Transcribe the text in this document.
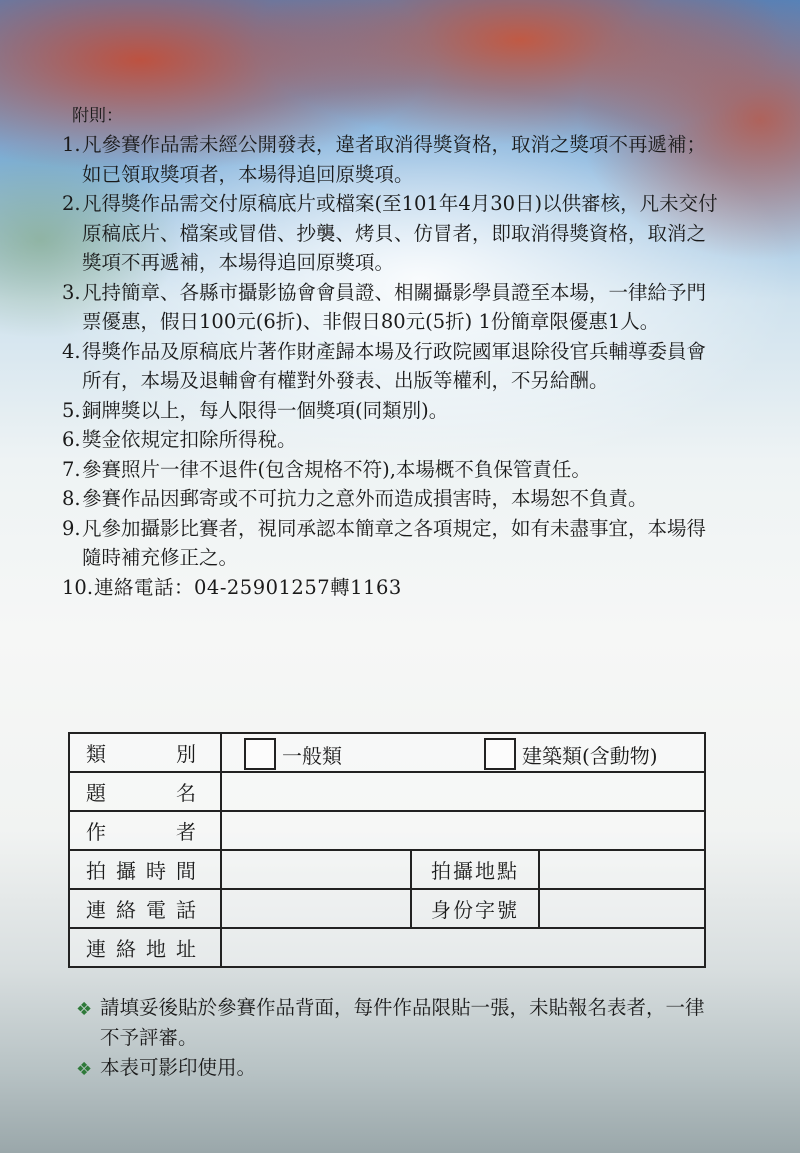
附則：
1. 凡參賽作品需未經公開發表，違者取消得獎資格，取消之獎項不再遞補；如已領取獎項者，本場得追回原獎項。
2. 凡得獎作品需交付原稿底片或檔案(至101年4月30日)以供審核，凡未交付原稿底片、檔案或冒借、抄襲、烤貝、仿冒者，即取消得獎資格，取消之獎項不再遞補，本場得追回原獎項。
3. 凡持簡章、各縣市攝影協會會員證、相關攝影學員證至本場，一律給予門票優惠，假日100元(6折)、非假日80元(5折) 1份簡章限優惠1人。
4. 得獎作品及原稿底片著作財產歸本場及行政院國軍退除役官兵輔導委員會所有，本場及退輔會有權對外發表、出版等權利，不另給酬。
5. 銅牌獎以上，每人限得一個獎項(同類別)。
6. 獎金依規定扣除所得稅。
7. 參賽照片一律不退件(包含規格不符),本場概不負保管責任。
8. 參賽作品因郵寄或不可抗力之意外而造成損害時，本場恕不負責。
9. 凡參加攝影比賽者，視同承認本簡章之各項規定，如有未盡事宜，本場得隨時補充修正之。
10. 連絡電話：04-25901257轉1163
類　別	一般類 建築類(含動物)		

題　名			
作　者			
拍攝時間		拍攝地點	
連絡電話		身份字號	
連絡地址			
❖ 請填妥後貼於參賽作品背面，每件作品限貼一張，未貼報名表者，一律不予評審。
❖ 本表可影印使用。
